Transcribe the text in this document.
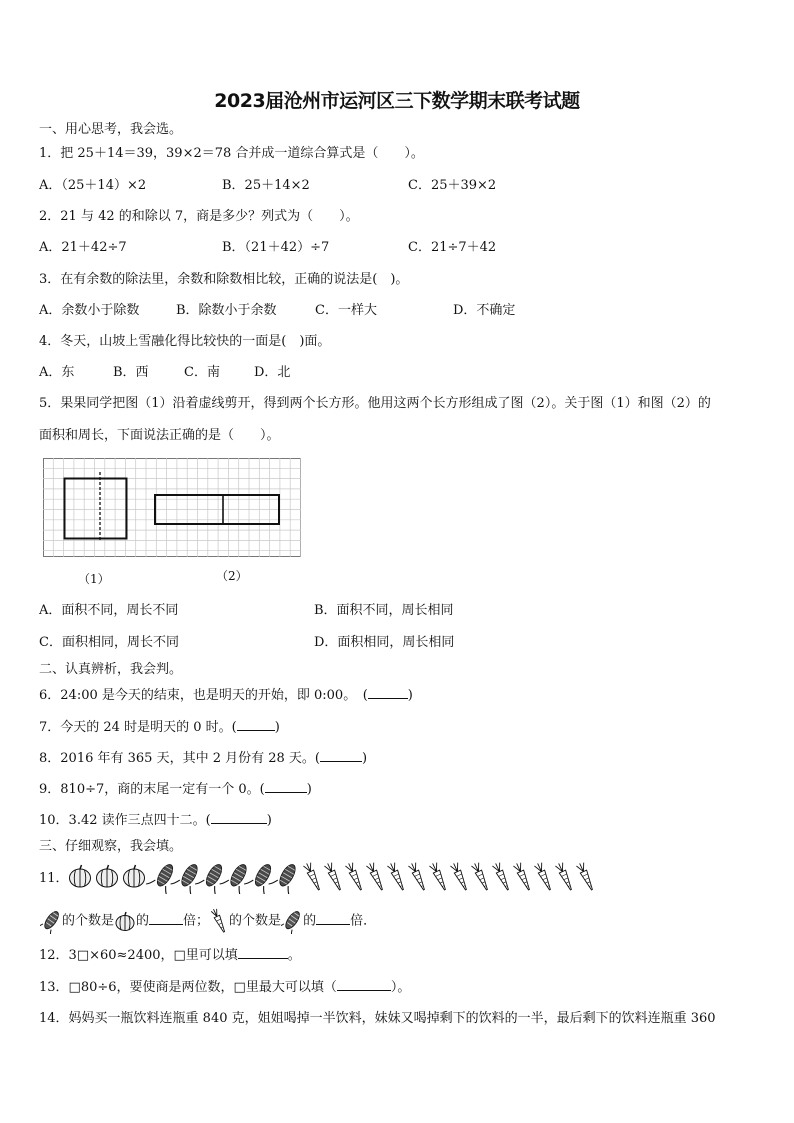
2023届沧州市运河区三下数学期末联考试题
一、用心思考，我会选。
1．把 25＋14＝39，39×2＝78 合并成一道综合算式是（　　）。
A．（25＋14）×2	B．25＋14×2	C．25＋39×2
2．21 与 42 的和除以 7，商是多少？列式为（　　）。
A．21＋42÷7	B．（21＋42）÷7	C．21÷7＋42
3．在有余数的除法里，余数和除数相比较，正确的说法是(　)。
A．余数小于除数	B．除数小于余数	C．一样大	D．不确定
4．冬天，山坡上雪融化得比较快的一面是(　)面。
A．东	B．西	C．南	D．北
5．果果同学把图（1）沿着虚线剪开，得到两个长方形。他用这两个长方形组成了图（2）。关于图（1）和图（2）的
面积和周长，下面说法正确的是（　　）。
（1）	（2）
A．面积不同，周长不同	B．面积不同，周长相同
C．面积相同，周长不同	D．面积相同，周长相同
二、认真辨析，我会判。
6．24:00 是今天的结束，也是明天的开始，即 0:00。　(	)
7．今天的 24 时是明天的 0 时。(	)
8．2016 年有 365 天，其中 2 月份有 28 天。(	)
9．810÷7，商的末尾一定有一个 0。(	)
10．3.42 读作三点四十二。(	)
三、仔细观察，我会填。
11．
的个数是 的	倍； 的个数是 的	倍．
12．3□×60≈2400，□里可以填	。
13．□80÷6，要使商是两位数，□里最大可以填（	）。
14．妈妈买一瓶饮料连瓶重 840 克，姐姐喝掉一半饮料，妹妹又喝掉剩下的饮料的一半，最后剩下的饮料连瓶重 360
